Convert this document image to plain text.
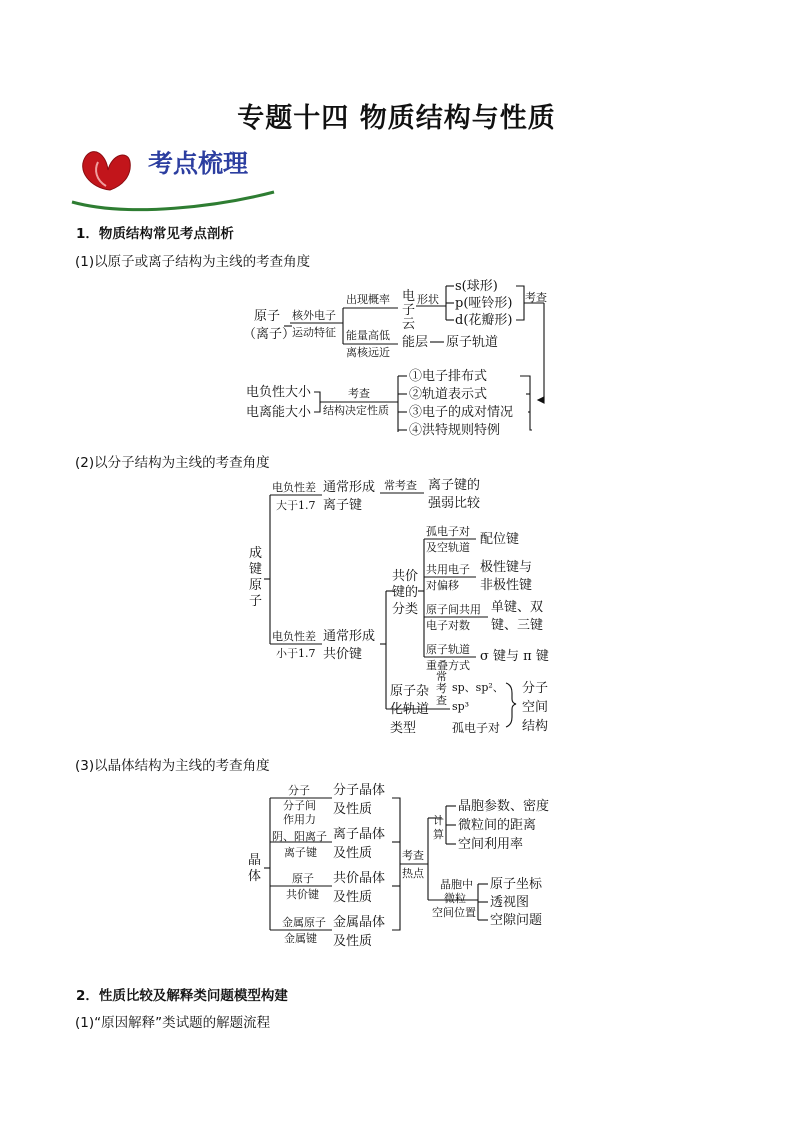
专题十四 物质结构与性质
考点梳理
1．物质结构常见考点剖析
(1)以原子或离子结构为主线的考查角度
原子
（离子）
核外电子
运动特征
出现概率
能量高低
离核远近
电
子
云
形状
s(球形)
p(哑铃形)
d(花瓣形)
考查
能层 原子轨道
电负性大小
电离能大小
考查
结构决定性质
①电子排布式
②轨道表示式
③电子的成对情况
④洪特规则特例
(2)以分子结构为主线的考查角度
成
键
原
子
电负性差
大于1.7
通常形成
离子键
常考查 离子键的
强弱比较
电负性差
小于1.7
通常形成
共价键
共价
键的
分类
孤电子对
及空轨道
配位键
共用电子
对偏移
极性键与
非极性键
原子间共用
电子对数
单键、双
键、三键
原子轨道
重叠方式
σ 键与 π 键
原子杂
化轨道
类型
常
考
查
sp、sp²、
sp³
孤电子对
分子
空间
结构
(3)以晶体结构为主线的考查角度
晶
体
分子
分子间
作用力
分子晶体
及性质
阴、阳离子
离子键
离子晶体
及性质
原子
共价键
共价晶体
及性质
金属原子
金属键
金属晶体
及性质
考查
热点
计
算
晶胞参数、密度
微粒间的距离
空间利用率
晶胞中
微粒
空间位置
原子坐标
透视图
空隙问题
2．性质比较及解释类问题模型构建
(1)“原因解释”类试题的解题流程
